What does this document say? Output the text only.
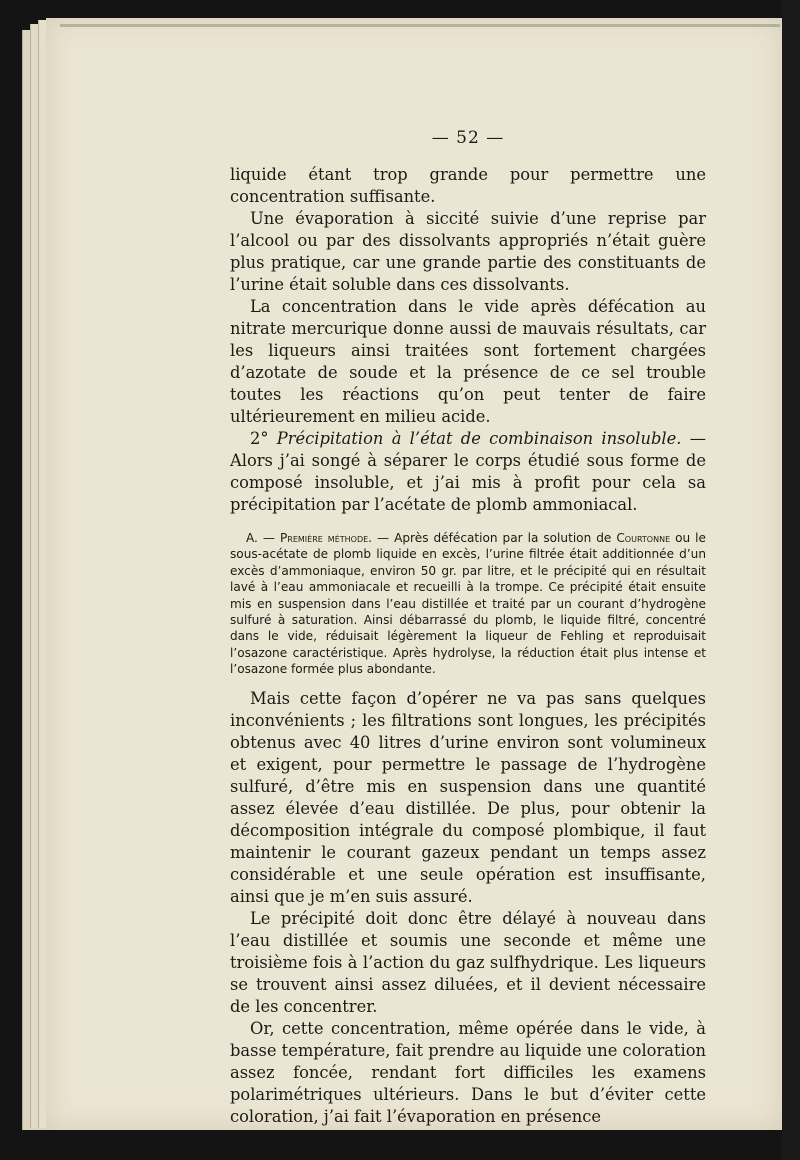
— 52 —

liquide étant trop grande pour permettre une concentration suffisante.

Une évaporation à siccité suivie d’une reprise par l’alcool ou par des dissolvants appropriés n’était guère plus pratique, car une grande partie des constituants de l’urine était soluble dans ces dissolvants.

La concentration dans le vide après défécation au nitrate mercurique donne aussi de mauvais résultats, car les liqueurs ainsi traitées sont fortement chargées d’azotate de soude et la présence de ce sel trouble toutes les réactions qu’on peut tenter de faire ultérieurement en milieu acide.

2° Précipitation à l’état de combinaison insoluble. — Alors j’ai songé à séparer le corps étudié sous forme de composé insoluble, et j’ai mis à profit pour cela sa précipitation par l’acétate de plomb ammoniacal.

A. — Première méthode. — Après défécation par la solution de Courtonne ou le sous-acétate de plomb liquide en excès, l’urine filtrée était additionnée d’un excès d’ammoniaque, environ 50 gr. par litre, et le précipité qui en résultait lavé à l’eau ammoniacale et recueilli à la trompe. Ce précipité était ensuite mis en suspension dans l’eau distillée et traité par un courant d’hydrogène sulfuré à saturation. Ainsi débarrassé du plomb, le liquide filtré, concentré dans le vide, réduisait légèrement la liqueur de Fehling et reproduisait l’osazone caractéristique. Après hydrolyse, la réduction était plus intense et l’osazone formée plus abondante.

Mais cette façon d’opérer ne va pas sans quelques inconvénients ; les filtrations sont longues, les précipités obtenus avec 40 litres d’urine environ sont volumineux et exigent, pour permettre le passage de l’hydrogène sulfuré, d’être mis en suspension dans une quantité assez élevée d’eau distillée. De plus, pour obtenir la décomposition intégrale du composé plombique, il faut maintenir le courant gazeux pendant un temps assez considérable et une seule opération est insuffisante, ainsi que je m’en suis assuré.

Le précipité doit donc être délayé à nouveau dans l’eau distillée et soumis une seconde et même une troisième fois à l’action du gaz sulfhydrique. Les liqueurs se trouvent ainsi assez diluées, et il devient nécessaire de les concentrer.

Or, cette concentration, même opérée dans le vide, à basse température, fait prendre au liquide une coloration assez foncée, rendant fort difficiles les examens polarimétriques ultérieurs. Dans le but d’éviter cette coloration, j’ai fait l’évaporation en présence
